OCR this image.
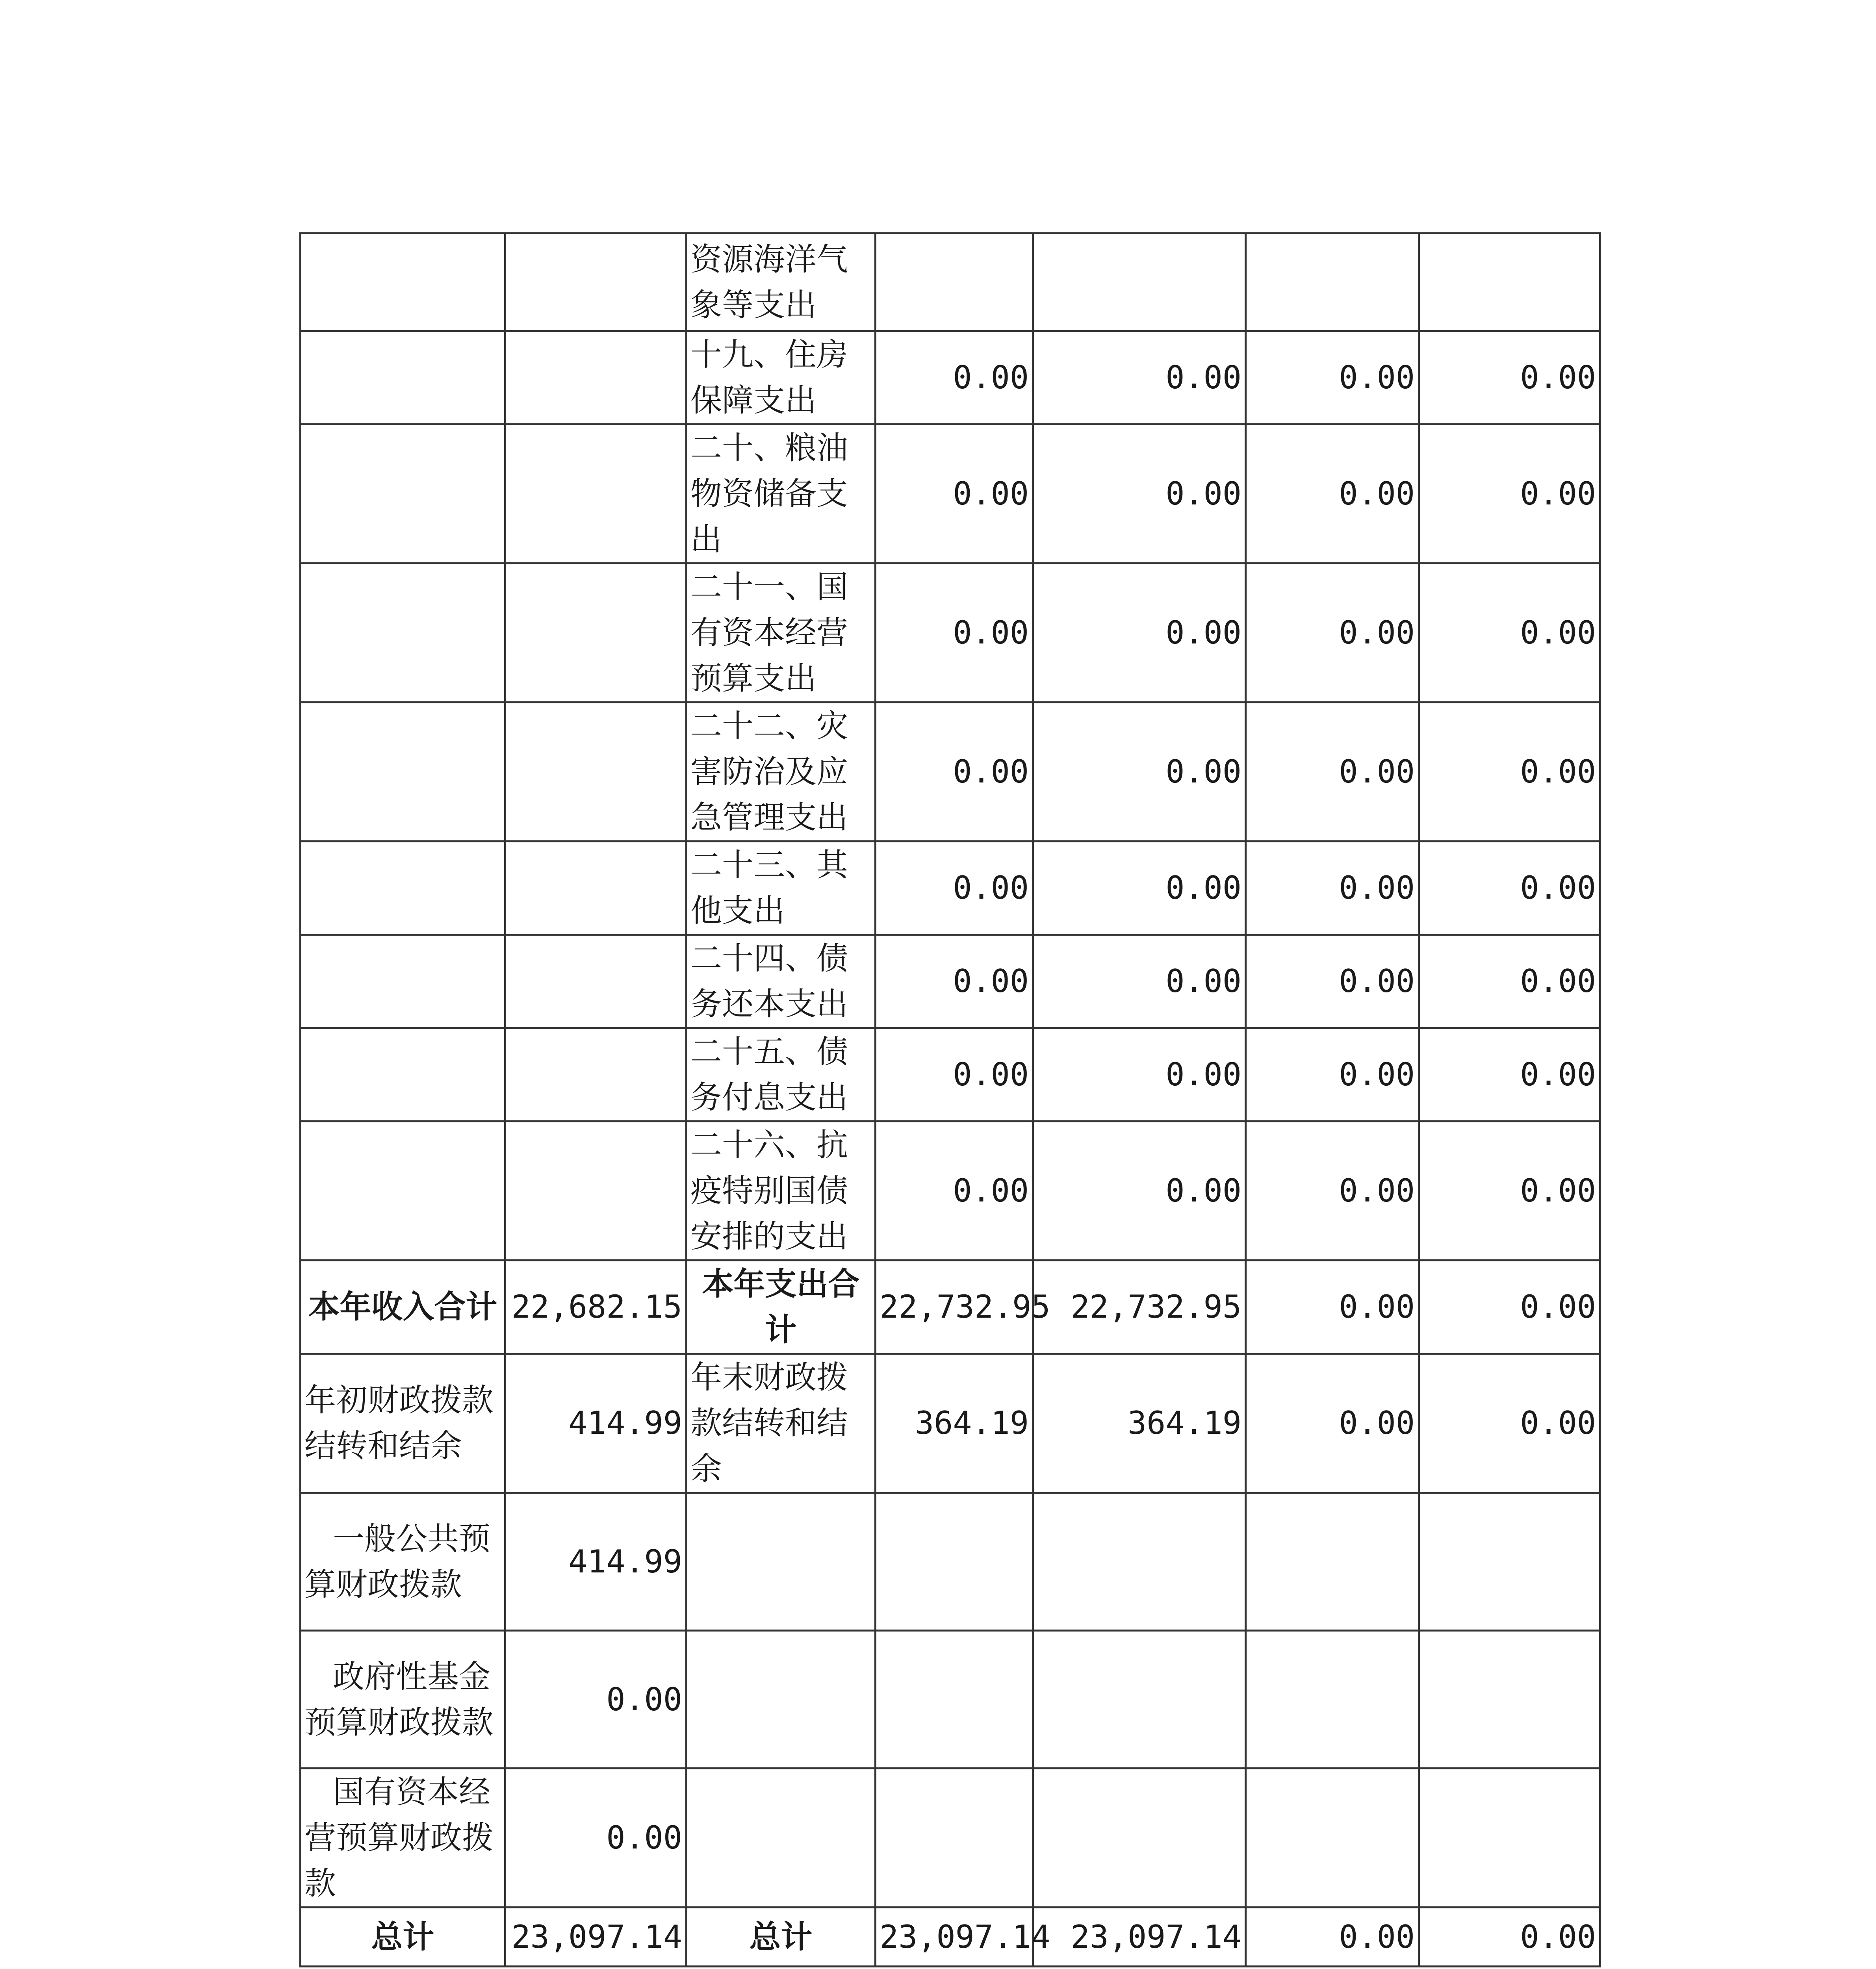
		资源海洋气象等支出				
		十九、住房保障支出	0.00	0.00	0.00	0.00
		二十、粮油物资储备支出	0.00	0.00	0.00	0.00
		二十一、国有资本经营预算支出	0.00	0.00	0.00	0.00
		二十二、灾害防治及应急管理支出	0.00	0.00	0.00	0.00
		二十三、其他支出	0.00	0.00	0.00	0.00
		二十四、债务还本支出	0.00	0.00	0.00	0.00
		二十五、债务付息支出	0.00	0.00	0.00	0.00
		二十六、抗疫特别国债安排的支出	0.00	0.00	0.00	0.00
本年收入合计	22,682.15	本年支出合计	22,732.95	22,732.95	0.00	0.00
年初财政拨款结转和结余	414.99	年末财政拨款结转和结余	364.19	364.19	0.00	0.00
一般公共预算财政拨款	414.99					
政府性基金预算财政拨款	0.00					
国有资本经营预算财政拨款	0.00					
总计	23,097.14	总计	23,097.14	23,097.14	0.00	0.00
